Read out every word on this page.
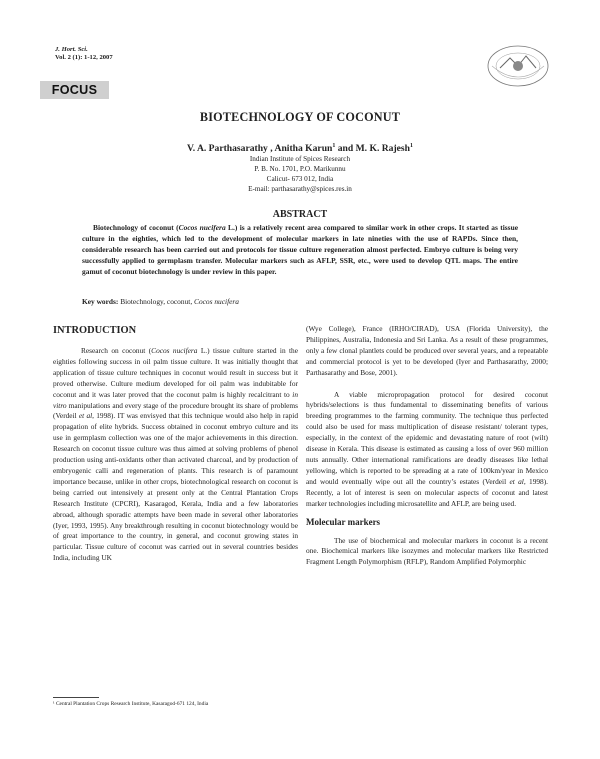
J. Hort. Sci.
Vol. 2 (1): 1-12, 2007
FOCUS
BIOTECHNOLOGY OF COCONUT
V. A. Parthasarathy , Anitha Karun$^1$ and M. K. Rajesh$^1$
Indian Institute of Spices Research
P. B. No. 1701, P.O. Marikunnu
Calicut- 673 012, India
E-mail: parthasarathy@spices.res.in
ABSTRACT
Biotechnology of coconut (Cocos nucifera L.) is a relatively recent area compared to similar work in other crops. It started as tissue culture in the eighties, which led to the development of molecular markers in late nineties with the use of RAPDs. Since then, considerable research has been carried out and protocols for tissue culture regeneration almost perfected. Embryo culture is being very successfully applied to germplasm transfer. Molecular markers such as AFLP, SSR, etc., were used to develop QTL maps. The entire gamut of coconut biotechnology is under review in this paper.
Key words: Biotechnology, coconut, Cocos nucifera
INTRODUCTION

Research on coconut (Cocos nucifera L.) tissue culture started in the eighties following success in oil palm tissue culture. It was initially thought that application of tissue culture techniques in coconut would result in success but it proved otherwise. Culture medium developed for oil palm was indubitable for coconut and it was later proved that the coconut palm is highly recalcitrant to in vitro manipulations and every stage of the procedure brought its share of problems (Verdeil et al, 1998). IT was envisyed that this technique would also help in rapid propagation of elite hybrids. Success obtained in coconut embryo culture and its use in germplasm collection was one of the major achievements in this direction. Research on coconut tissue culture was thus aimed at solving problems of phenol production using anti-oxidants other than activated charcoal, and by production of embryogenic calli and regeneration of plants. This research is of paramount importance because, unlike in other crops, biotechnological research on coconut is being carried out intensively at present only at the Central Plantation Crops Research Institute (CPCRI), Kasaragod, Kerala, India and a few laboratories abroad, although sporadic attempts have been made in several other laboratories (Iyer, 1993, 1995). Any breakthrough resulting in coconut biotechnology would be of great importance to the country, in general, and coconut growing states in particular. Tissue culture of coconut was carried out in several countries besides India, including UK

(Wye College), France (IRHO/CIRAD), USA (Florida University), the Philippines, Australia, Indonesia and Sri Lanka. As a result of these programmes, only a few clonal plantlets could be produced over several years, and a repeatable and commercial protocol is yet to be developed (Iyer and Parthasarathy, 2000; Parthasarathy and Bose, 2001).

A viable micropropagation protocol for desired coconut hybrids/selections is thus fundamental to disseminating benefits of various breeding programmes to the farming community. The technique thus perfected could also be used for mass multiplication of disease resistant/ tolerant types, especially, in the context of the epidemic and devastating nature of root (wilt) disease in Kerala. This disease is estimated as causing a loss of over 960 million nuts annually. Other international ramifications are deadly diseases like lethal yellowing, which is reported to be spreading at a rate of 100km/year in Mexico and would eventually wipe out all the country’s estates (Verdeil et al, 1998). Recently, a lot of interest is seen on molecular aspects of coconut and latest marker technologies including microsatellite and AFLP, are being used.

Molecular markers

The use of biochemical and molecular markers in coconut is a recent one. Biochemical markers like isozymes and molecular markers like Restricted Fragment Length Polymorphism (RFLP), Random Amplified Polymorphic

¹ Central Plantation Crops Research Institute, Kasaragod-671 124, India
